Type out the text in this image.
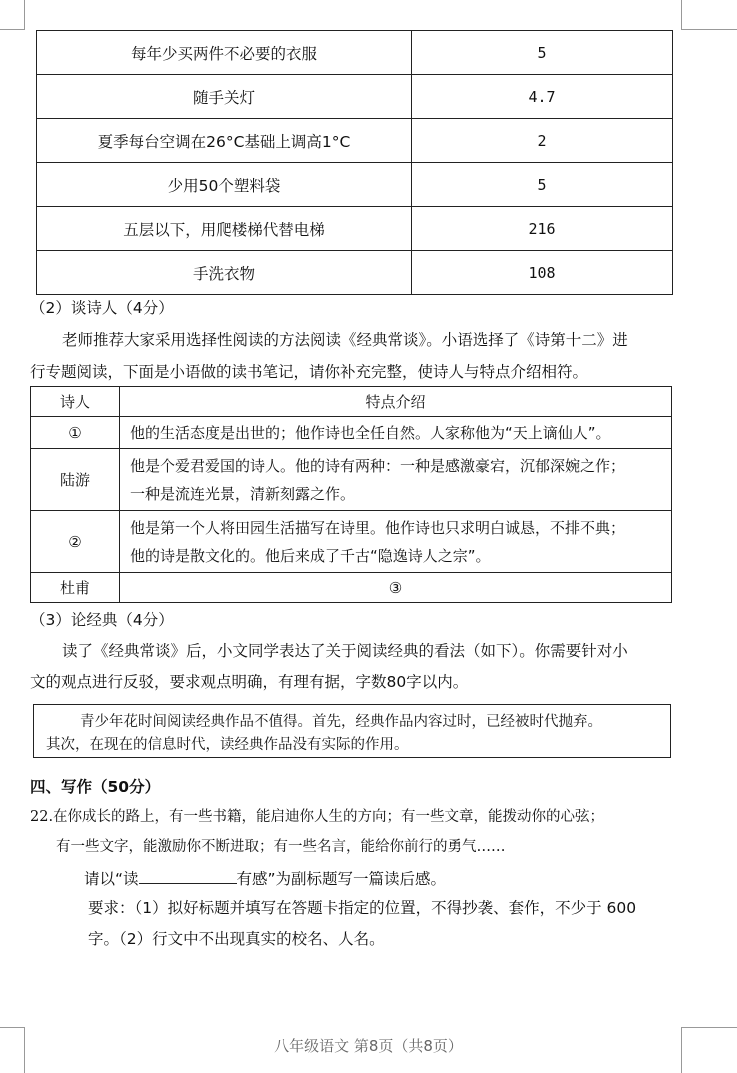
每年少买两件不必要的衣服	5
随手关灯	4.7
夏季每台空调在26°C基础上调高1°C	2
少用50个塑料袋	5
五层以下，用爬楼梯代替电梯	216
手洗衣物	108
（2）谈诗人（4分）
老师推荐大家采用选择性阅读的方法阅读《经典常谈》。小语选择了《诗第十二》进
行专题阅读，下面是小语做的读书笔记，请你补充完整，使诗人与特点介绍相符。
诗人	特点介绍
①	他的生活态度是出世的；他作诗也全任自然。人家称他为“天上谪仙人”。

陆游	他是个爱君爱国的诗人。他的诗有两种：一种是感激豪宕，沉郁深婉之作；
一种是流连光景，清新刻露之作。

②	他是第一个人将田园生活描写在诗里。他作诗也只求明白诚恳，不排不典；
他的诗是散文化的。他后来成了千古“隐逸诗人之宗”。

杜甫	③
（3）论经典（4分）
读了《经典常谈》后，小文同学表达了关于阅读经典的看法（如下）。你需要针对小
文的观点进行反驳，要求观点明确，有理有据，字数80字以内。
青少年花时间阅读经典作品不值得。首先，经典作品内容过时，已经被时代抛弃。
其次，在现在的信息时代，读经典作品没有实际的作用。
四、写作（50分）
22.在你成长的路上，有一些书籍，能启迪你人生的方向；有一些文章，能拨动你的心弦；
有一些文字，能激励你不断进取；有一些名言，能给你前行的勇气……
请以“读	有感”为副标题写一篇读后感。
要求：（1）拟好标题并填写在答题卡指定的位置，不得抄袭、套作，不少于 600
字。（2）行文中不出现真实的校名、人名。
八年级语文 第8页（共8页）
